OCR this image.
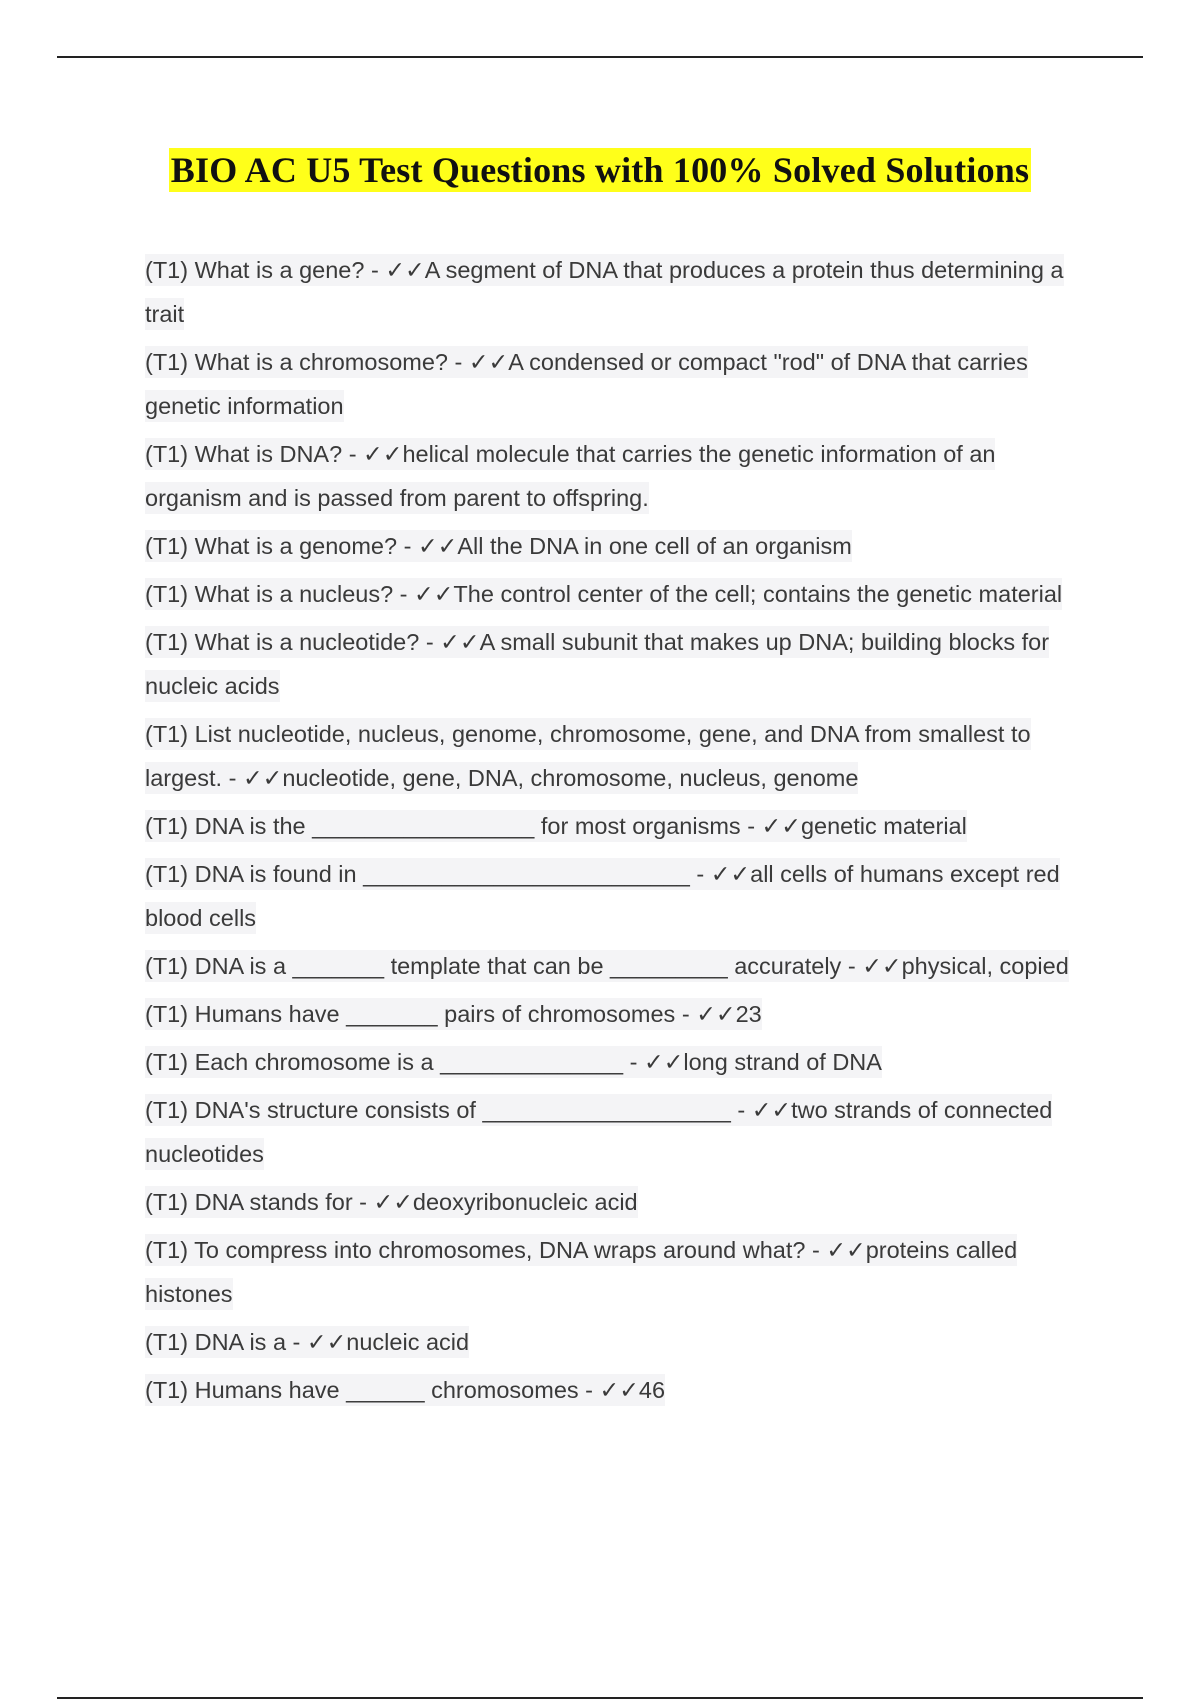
BIO AC U5 Test Questions with 100% Solved Solutions
(T1) What is a gene? - ✓✓A segment of DNA that produces a protein thus determining a trait
(T1) What is a chromosome? - ✓✓A condensed or compact "rod" of DNA that carries genetic information
(T1) What is DNA? - ✓✓helical molecule that carries the genetic information of an organism and is passed from parent to offspring.
(T1) What is a genome? - ✓✓All the DNA in one cell of an organism
(T1) What is a nucleus? - ✓✓The control center of the cell; contains the genetic material
(T1) What is a nucleotide? - ✓✓A small subunit that makes up DNA; building blocks for nucleic acids
(T1) List nucleotide, nucleus, genome, chromosome, gene, and DNA from smallest to largest. - ✓✓nucleotide, gene, DNA, chromosome, nucleus, genome
(T1) DNA is the _________________ for most organisms - ✓✓genetic material
(T1) DNA is found in _________________________ - ✓✓all cells of humans except red blood cells
(T1) DNA is a _______ template that can be _________ accurately - ✓✓physical, copied
(T1) Humans have _______ pairs of chromosomes - ✓✓23
(T1) Each chromosome is a ______________ - ✓✓long strand of DNA
(T1) DNA's structure consists of ___________________ - ✓✓two strands of connected nucleotides
(T1) DNA stands for - ✓✓deoxyribonucleic acid
(T1) To compress into chromosomes, DNA wraps around what? - ✓✓proteins called histones
(T1) DNA is a - ✓✓nucleic acid
(T1) Humans have ______ chromosomes - ✓✓46
